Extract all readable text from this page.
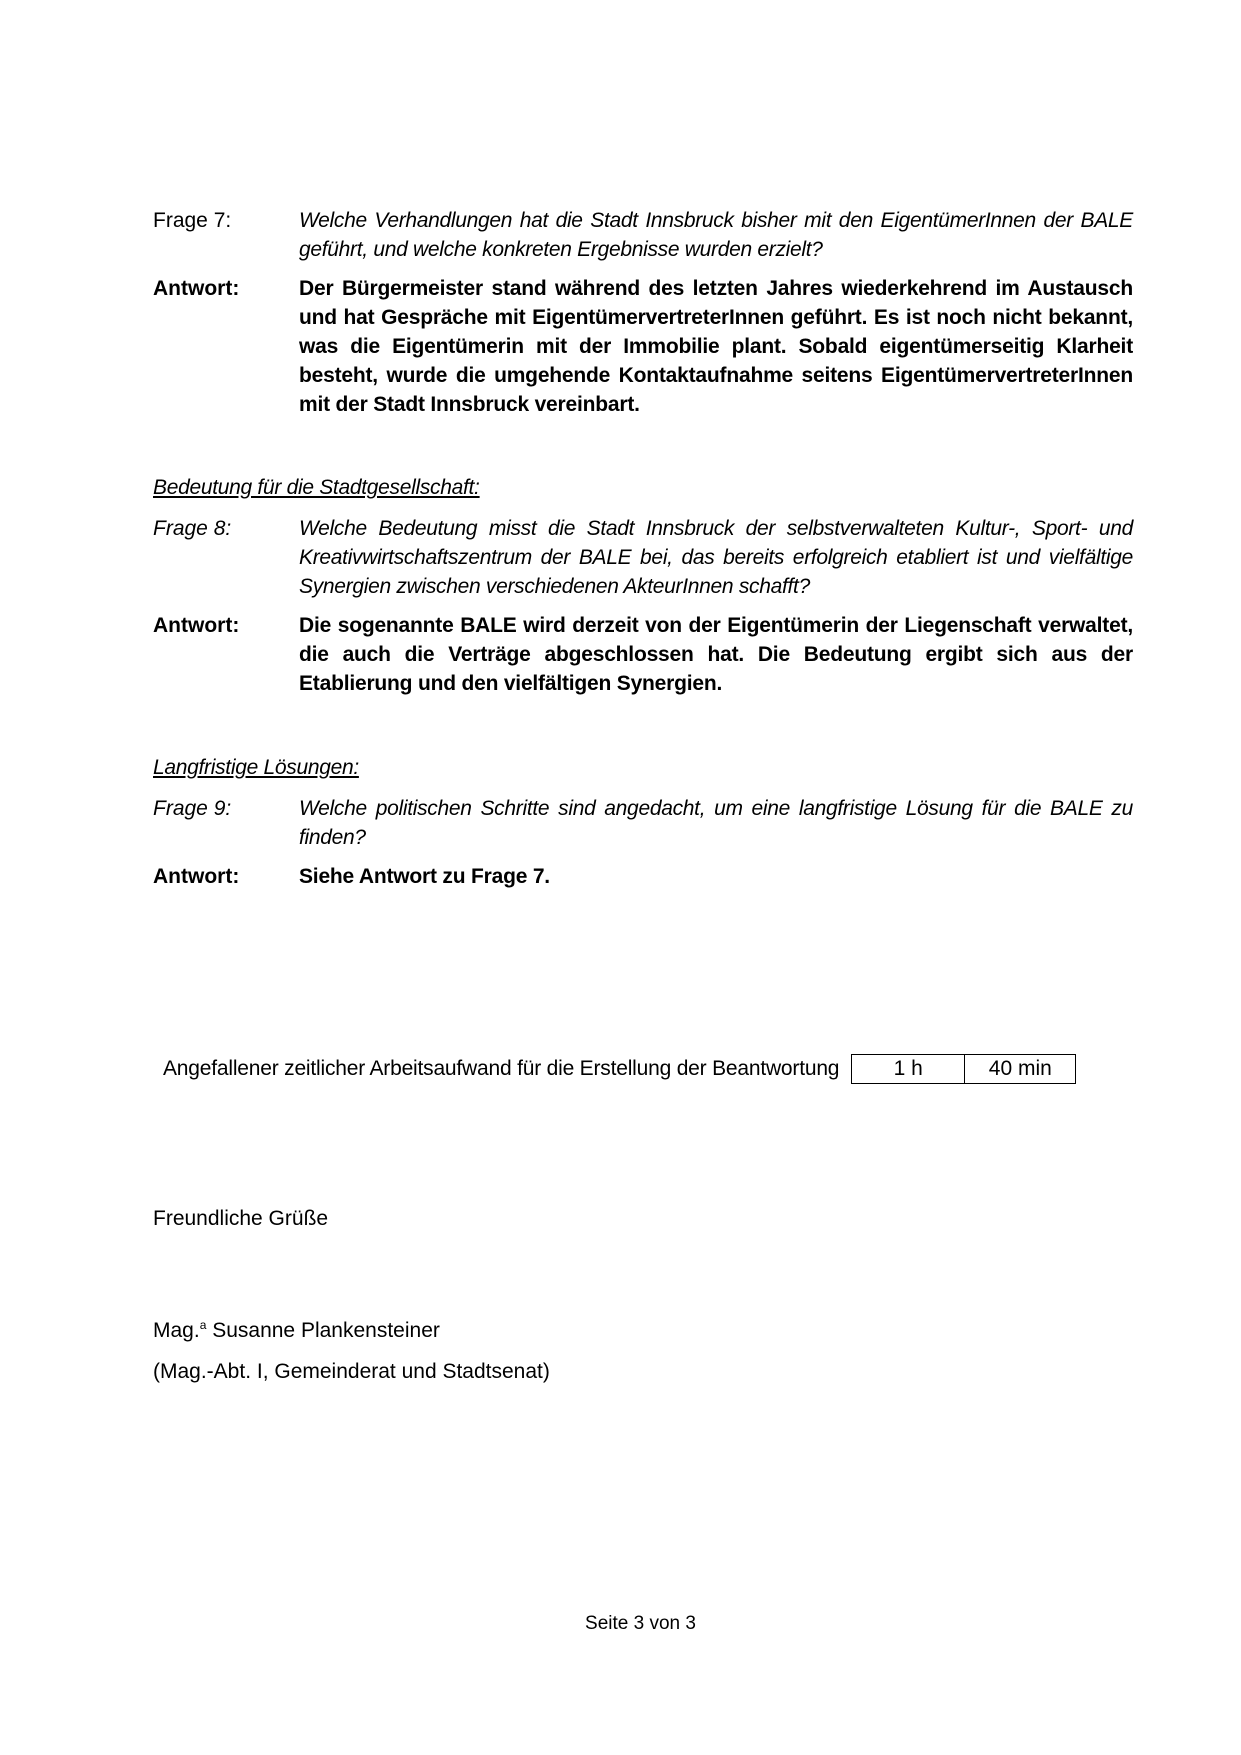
Frage 7:	Welche Verhandlungen hat die Stadt Innsbruck bisher mit den EigentümerInnen der BALE geführt, und welche konkreten Ergebnisse wurden erzielt?
Antwort:	Der Bürgermeister stand während des letzten Jahres wiederkehrend im Austausch und hat Gespräche mit EigentümervertreterInnen geführt. Es ist noch nicht bekannt, was die Eigentümerin mit der Immobilie plant. Sobald eigentümerseitig Klarheit besteht, wurde die umgehende Kontaktaufnahme seitens EigentümervertreterInnen mit der Stadt Innsbruck vereinbart.
Bedeutung für die Stadtgesellschaft:
Frage 8:	Welche Bedeutung misst die Stadt Innsbruck der selbstverwalteten Kultur-, Sport- und Kreativwirtschaftszentrum der BALE bei, das bereits erfolgreich etabliert ist und vielfältige Synergien zwischen verschiedenen AkteurInnen schafft?
Antwort:	Die sogenannte BALE wird derzeit von der Eigentümerin der Liegenschaft verwaltet, die auch die Verträge abgeschlossen hat. Die Bedeutung ergibt sich aus der Etablierung und den vielfältigen Synergien.
Langfristige Lösungen:
Frage 9:	Welche politischen Schritte sind angedacht, um eine langfristige Lösung für die BALE zu finden?
Antwort:	Siehe Antwort zu Frage 7.
Angefallener zeitlicher Arbeitsaufwand für die Erstellung der Beantwortung	1 h	40 min
Freundliche Grüße
Mag.$^a$ Susanne Plankensteiner
(Mag.-Abt. I, Gemeinderat und Stadtsenat)
Seite 3 von 3
